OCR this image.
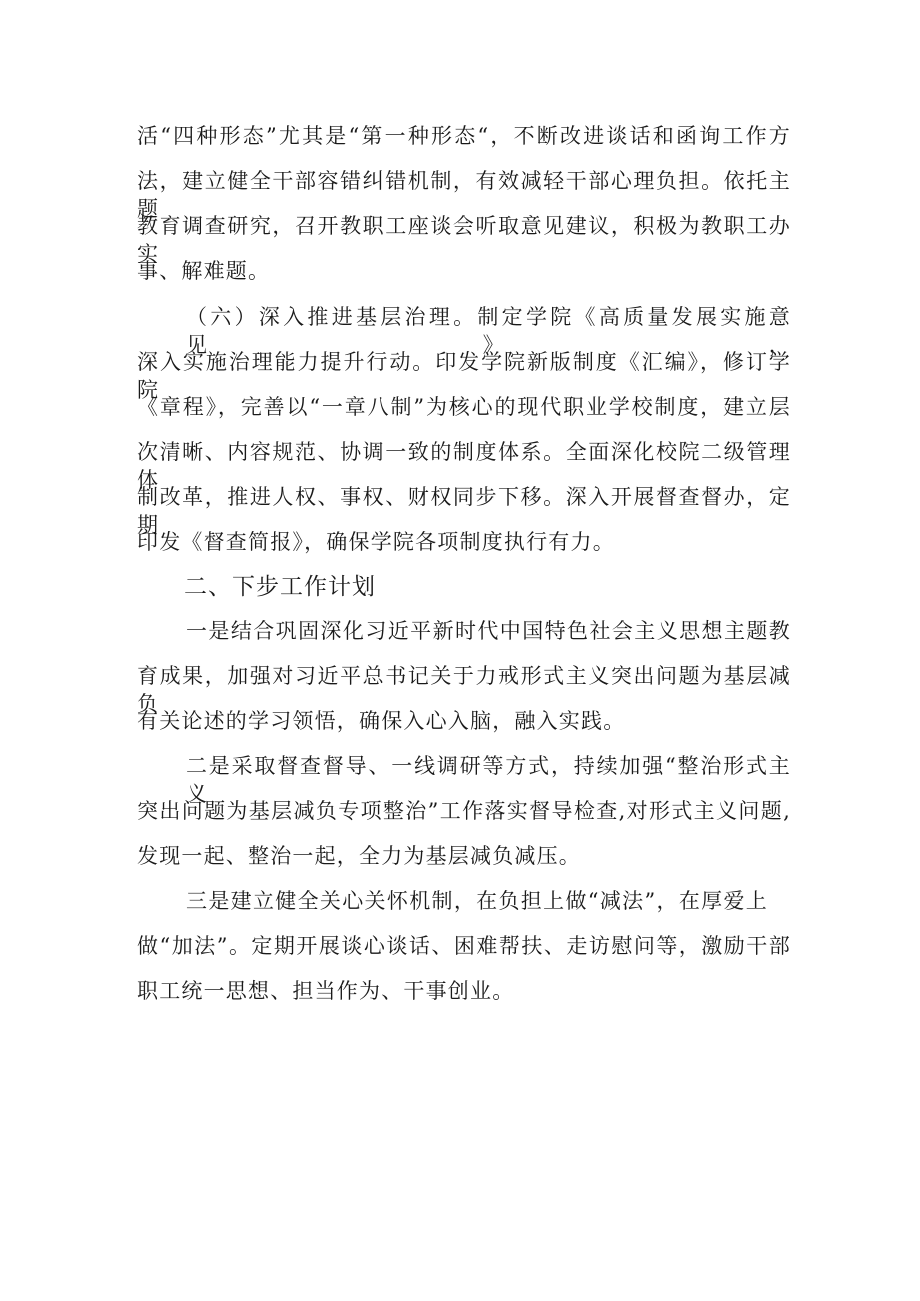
活“四种形态”尤其是“第一种形态“，不断改进谈话和函询工作方
法，建立健全干部容错纠错机制，有效减轻干部心理负担。依托主题
教育调查研究，召开教职工座谈会听取意见建议，积极为教职工办实
事、解难题。
（六）深入推进基层治理。制定学院《高质量发展实施意见》，
深入实施治理能力提升行动。印发学院新版制度《汇编》，修订学院
《章程》，完善以“一章八制”为核心的现代职业学校制度，建立层
次清晰、内容规范、协调一致的制度体系。全面深化校院二级管理体
制改革，推进人权、事权、财权同步下移。深入开展督查督办，定期
印发《督查简报》，确保学院各项制度执行有力。
二、下步工作计划
一是结合巩固深化习近平新时代中国特色社会主义思想主题教
育成果，加强对习近平总书记关于力戒形式主义突出问题为基层减负
有关论述的学习领悟，确保入心入脑，融入实践。
二是采取督查督导、一线调研等方式，持续加强“整治形式主义
突出问题为基层减负专项整治”工作落实督导检查,对形式主义问题,
发现一起、整治一起，全力为基层减负减压。
三是建立健全关心关怀机制，在负担上做“减法”，在厚爱上
做“加法”。定期开展谈心谈话、困难帮扶、走访慰问等，激励干部
职工统一思想、担当作为、干事创业。
